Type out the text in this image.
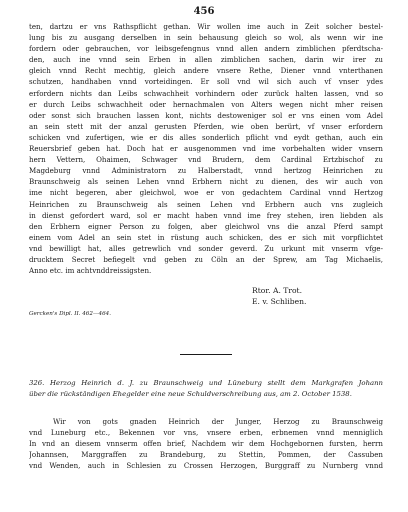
456
ten, dartzu er vns Rathspflicht gethan. Wir wollen ime auch in Zeit solcher bestel-
lung bis zu ausgang derselben in sein behausung gleich so wol, als wenn wir ine
fordern oder gebrauchen, vor leibsgefengnus vnnd allen andern zimblichen pferdtscha-
den, auch ine vnnd sein Erben in allen zimblichen sachen, darin wir irer zu
gleich vnnd Recht mechtig, gleich andere vnsere Rethe, Diener vnnd vnterthanen
schutzen, handhaben vnnd vorteidingen. Er soll vnd wil sich auch vf vnser ydes
erfordern nichts dan Leibs schwachheit vorhindern oder zurück halten lassen, vnd so
er durch Leibs schwachheit oder hernachmalen von Alters wegen nicht mher reisen
oder sonst sich brauchen lassen kont, nichts destoweniger sol er vns einen vom Adel
an sein stett mit der anzal gerusten Pferden, wie oben berürt, vf vnser erfordern
schicken vnd zufertigen, wie er dis alles sonderlich pflicht vnd eydt gethan, auch ein
Reuersbrief geben hat. Doch hat er ausgenommen vnd ime vorbehalten wider vnsern
hern Vettern, Ohaimen, Schwager vnd Brudern, dem Cardinal Ertzbischof zu
Magdeburg vnnd Administratorn zu Halberstadt, vnnd hertzog Heinrichen zu
Braunschweig als seinen Lehen vnnd Erbhern nicht zu dienen, des wir auch von
ime nicht begeren, aber gleichwol, woe er von gedachtem Cardinal vnnd Hertzog
Heinrichen zu Braunschweig als seinen Lehen vnd Erbhern auch vns zugleich
in dienst gefordert ward, sol er macht haben vnnd ime frey stehen, iren liebden als
den Erbhern eigner Person zu folgen, aber gleichwol vns die anzal Pferd sampt
einem vom Adel an sein stet in rüstung auch schicken, des er sich mit vorpflichtet
vnd bewilligt hat, alles getrewlich vnd sonder geverd. Zu urkunt mit vnserm vfge-
drucktem Secret befiegelt vnd geben zu Cöln an der Sprew, am Tag Michaelis,
Anno etc. im achtvnddreissigsten.
Rtor. A. Trot.
E. v. Schliben.
Gercken's Dipl. II. 462—464.
326. Herzog Heinrich d. J. zu Braunschweig und Lüneburg stellt dem Markgrafen Johann
über die rückständigen Ehegelder eine neue Schuldverschreibung aus, am 2. October 1538.
Wir von gots gnaden Heinrich der Junger, Herzog zu Braunschweig
vnd Luneburg etc., Bekennen vor vns, vnsere erben, erbnemen vnnd menniglich
In vnd an diesem vnnserm offen brief, Nachdem wir dem Hochgebornen fursten, herrn
Johannsen, Marggraffen zu Brandeburg, zu Stettin, Pommen, der Cassuben
vnd Wenden, auch in Schlesien zu Crossen Herzogen, Burggraff zu Nurnberg vnnd
